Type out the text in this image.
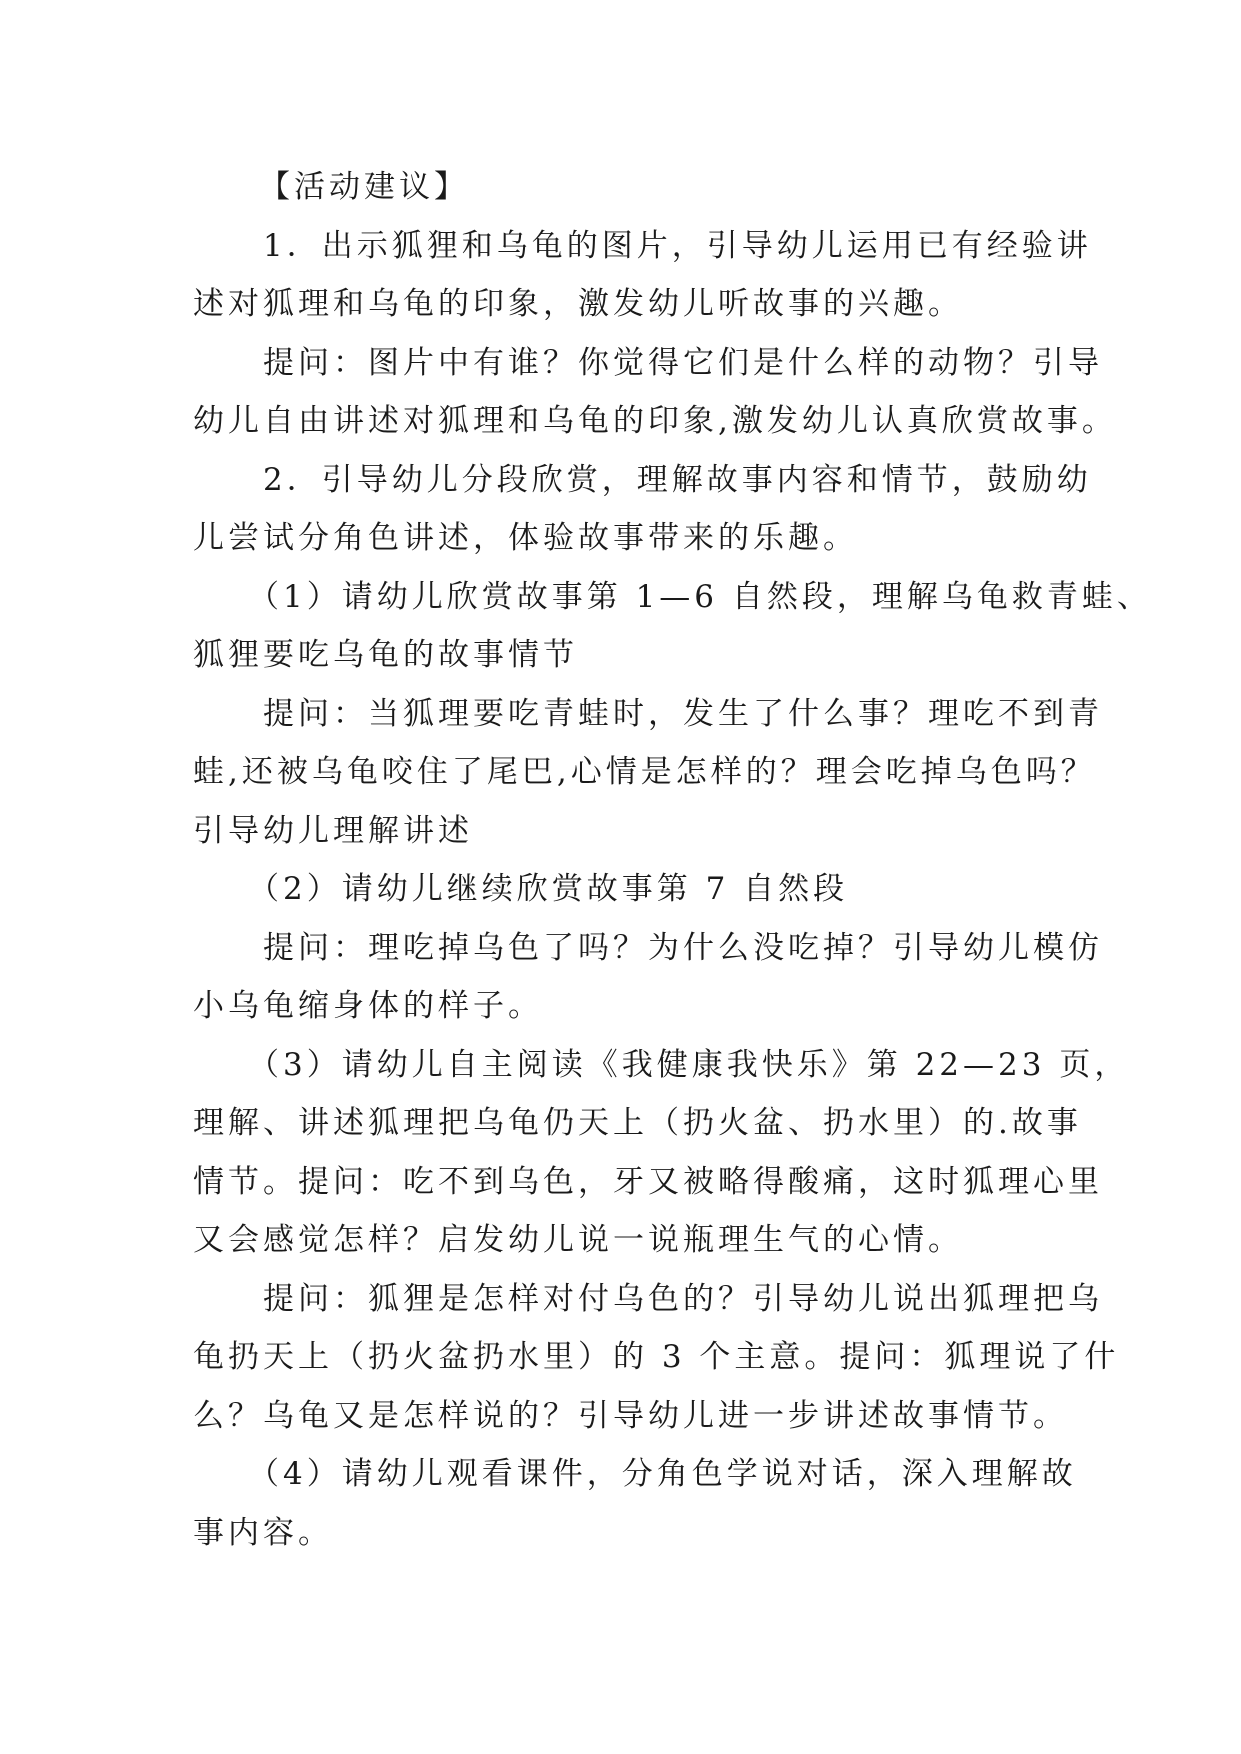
【活动建议】
1．出示狐狸和乌龟的图片，引导幼儿运用已有经验讲
述对狐理和乌龟的印象，激发幼儿听故事的兴趣。
提问：图片中有谁？你觉得它们是什么样的动物？引导
幼儿自由讲述对狐理和乌龟的印象,激发幼儿认真欣赏故事。
2．引导幼儿分段欣赏，理解故事内容和情节，鼓励幼
儿尝试分角色讲述，体验故事带来的乐趣。
（1）请幼儿欣赏故事第 1—6 自然段，理解乌龟救青蛙、
狐狸要吃乌龟的故事情节
提问：当狐理要吃青蛙时，发生了什么事？理吃不到青
蛙,还被乌龟咬住了尾巴,心情是怎样的？理会吃掉乌色吗？
引导幼儿理解讲述
（2）请幼儿继续欣赏故事第 7 自然段
提问：理吃掉乌色了吗？为什么没吃掉？引导幼儿模仿
小乌龟缩身体的样子。
（3）请幼儿自主阅读《我健康我快乐》第 22—23 页，
理解、讲述狐理把乌龟仍天上（扔火盆、扔水里）的.故事
情节。提问：吃不到乌色，牙又被略得酸痛，这时狐理心里
又会感觉怎样？启发幼儿说一说瓶理生气的心情。
提问：狐狸是怎样对付乌色的？引导幼儿说出狐理把乌
龟扔天上（扔火盆扔水里）的 3 个主意。提问：狐理说了什
么？乌龟又是怎样说的？引导幼儿进一步讲述故事情节。
（4）请幼儿观看课件，分角色学说对话，深入理解故
事内容。
